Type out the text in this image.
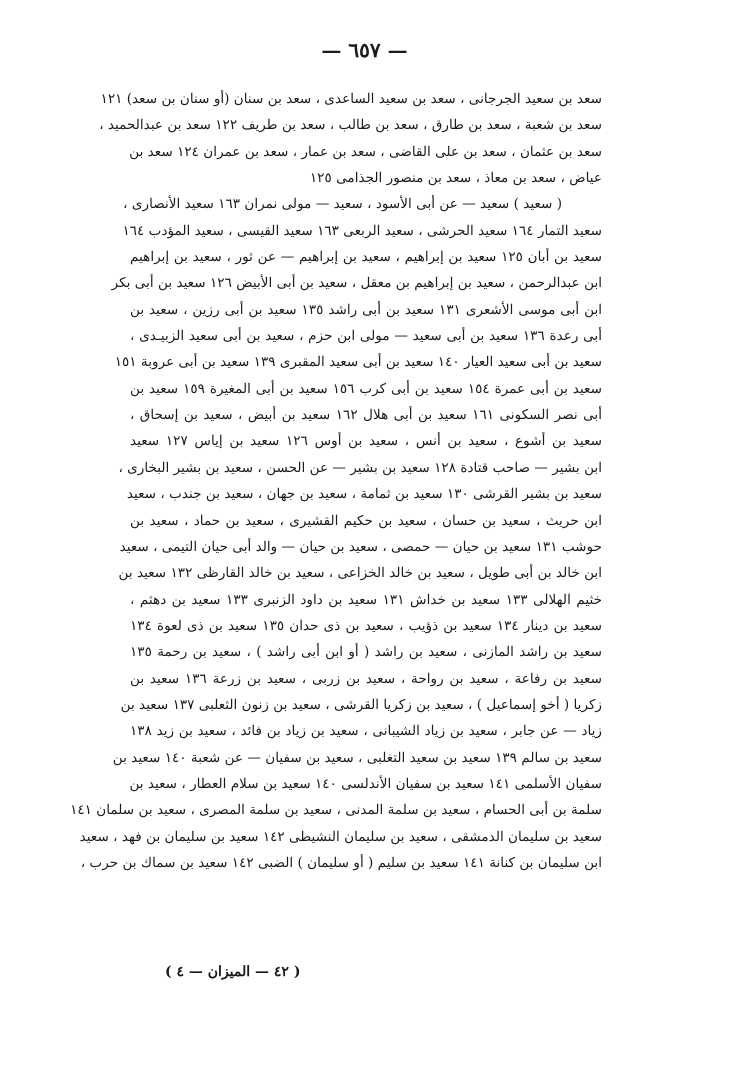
— ٦٥٧ —
سعد بن سعيد الجرجانى ، سعد بن سعيد الساعدى ، سعد بن سنان (أو سنان بن سعد) ١٢١
سعد بن شعبة ، سعد بن طارق ، سعد بن طالب ، سعد بن طريف ١٢٢ سعد بن عبدالحميد ،
سعد بن عثمان ، سعد بن على القاضى ، سعد بن عمار ، سعد بن عمران ١٢٤ سعد بن
عياض ، سعد بن معاذ ، سعد بن منصور الجذامى ١٢٥
( سعيد ) سعيد — عن أبى الأسود ، سعيد — مولى نمران ١٦٣ سعيد الأنصارى ،
سعيد التمار ١٦٤ سعيد الحرشى ، سعيد الربعى ١٦٣ سعيد القيسى ، سعيد المؤدب ١٦٤
سعيد بن أبان ١٢٥ سعيد بن إبراهيم ، سعيد بن إبراهيم — عن ثور ، سعيد بن إبراهيم
ابن عبدالرحمن ، سعيد بن إبراهيم بن معقل ، سعيد بن أبى الأبيض ١٢٦ سعيد بن أبى بكر
ابن أبى موسى الأشعرى ١٣١ سعيد بن أبى راشد ١٣٥ سعيد بن أبى رزين ، سعيد بن
أبى رعدة ١٣٦ سعيد بن أبى سعيد — مولى ابن حزم ، سعيد بن أبى سعيد الزبيـدى ،
سعيد بن أبى سعيد العيار ١٤٠ سعيد بن أبى سعيد المقبرى ١٣٩ سعيد بن أبى عروبة ١٥١
سعيد بن أبى عمرة ١٥٤ سعيد بن أبى كرب ١٥٦ سعيد بن أبى المغيرة ١٥٩ سعيد بن
أبى نصر السكونى ١٦١ سعيد بن أبى هلال ١٦٢ سعيد بن أبيض ، سعيد بن إسحاق ،
سعيد بن أشوع ، سعيد بن أنس ، سعيد بن أوس ١٢٦ سعيد بن إياس ١٢٧ سعيد
ابن بشير — صاحب قتادة ١٢٨ سعيد بن بشير — عن الحسن ، سعيد بن بشير البخارى ،
سعيد بن بشير القرشى ١٣٠ سعيد بن ثمامة ، سعيد بن جهان ، سعيد بن جندب ، سعيد
ابن حريث ، سعيد بن حسان ، سعيد بن حكيم القشيرى ، سعيد بن حماد ، سعيد بن
حوشب ١٣١ سعيد بن حيان — حمصى ، سعيد بن حيان — والد أبى حيان التيمى ، سعيد
ابن خالد بن أبى طويل ، سعيد بن خالد الخزاعى ، سعيد بن خالد القارظى ١٣٢ سعيد بن
خثيم الهلالى ١٣٣ سعيد بن خداش ١٣١ سعيد بن داود الزنبرى ١٣٣ سعيد بن دهثم ،
سعيد بن دينار ١٣٤ سعيد بن ذؤيب ، سعيد بن ذى حدان ١٣٥ سعيد بن ذى لعوة ١٣٤
سعيد بن راشد المازنى ، سعيد بن راشد ( أو ابن أبى راشد ) ، سعيد بن رحمة ١٣٥
سعيد بن رفاعة ، سعيد بن رواحة ، سعيد بن زربى ، سعيد بن زرعة ١٣٦ سعيد بن
زكريا ( أخو إسماعيل ) ، سعيد بن زكريا القرشى ، سعيد بن زنون الثعلبى ١٣٧ سعيد بن
زياد — عن جابر ، سعيد بن زياد الشيبانى ، سعيد بن زياد بن فائد ، سعيد بن زيد ١٣٨
سعيد بن سالم ١٣٩ سعيد بن سعيد التغلبى ، سعيد بن سفيان — عن شعبة ١٤٠ سعيد بن
سفيان الأسلمى ١٤١ سعيد بن سفيان الأندلسى ١٤٠ سعيد بن سلام العطار ، سعيد بن
سلمة بن أبى الحسام ، سعيد بن سلمة المدنى ، سعيد بن سلمة المصرى ، سعيد بن سلمان ١٤١
سعيد بن سليمان الدمشقى ، سعيد بن سليمان النشيطى ١٤٢ سعيد بن سليمان بن فهد ، سعيد
ابن سليمان بن كنانة ١٤١ سعيد بن سليم ( أو سليمان ) الضبى ١٤٢ سعيد بن سماك بن حرب ،
( ٤٢ — الميزان — ٤ )
